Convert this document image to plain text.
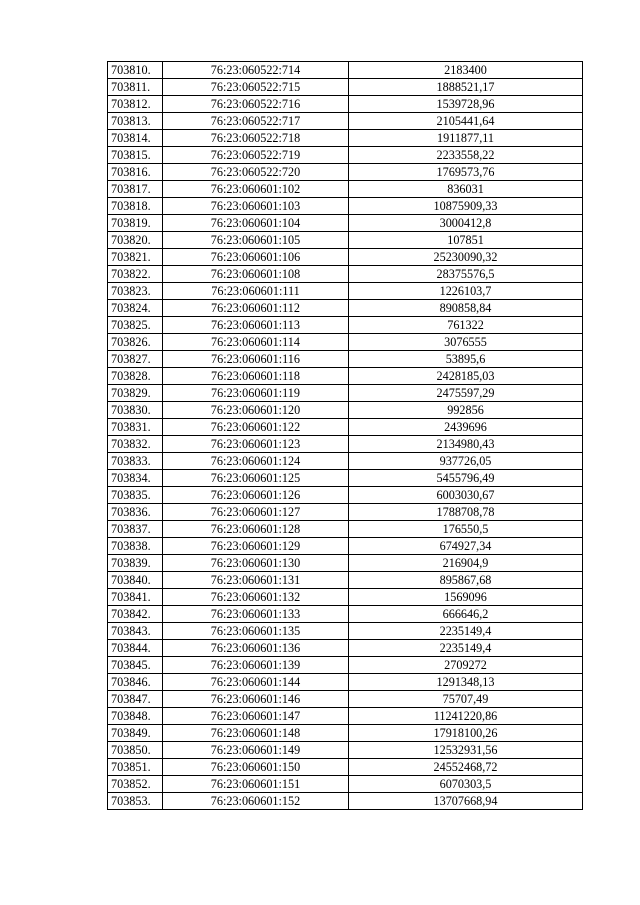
703810.	76:23:060522:714	2183400
703811.	76:23:060522:715	1888521,17
703812.	76:23:060522:716	1539728,96
703813.	76:23:060522:717	2105441,64
703814.	76:23:060522:718	1911877,11
703815.	76:23:060522:719	2233558,22
703816.	76:23:060522:720	1769573,76
703817.	76:23:060601:102	836031
703818.	76:23:060601:103	10875909,33
703819.	76:23:060601:104	3000412,8
703820.	76:23:060601:105	107851
703821.	76:23:060601:106	25230090,32
703822.	76:23:060601:108	28375576,5
703823.	76:23:060601:111	1226103,7
703824.	76:23:060601:112	890858,84
703825.	76:23:060601:113	761322
703826.	76:23:060601:114	3076555
703827.	76:23:060601:116	53895,6
703828.	76:23:060601:118	2428185,03
703829.	76:23:060601:119	2475597,29
703830.	76:23:060601:120	992856
703831.	76:23:060601:122	2439696
703832.	76:23:060601:123	2134980,43
703833.	76:23:060601:124	937726,05
703834.	76:23:060601:125	5455796,49
703835.	76:23:060601:126	6003030,67
703836.	76:23:060601:127	1788708,78
703837.	76:23:060601:128	176550,5
703838.	76:23:060601:129	674927,34
703839.	76:23:060601:130	216904,9
703840.	76:23:060601:131	895867,68
703841.	76:23:060601:132	1569096
703842.	76:23:060601:133	666646,2
703843.	76:23:060601:135	2235149,4
703844.	76:23:060601:136	2235149,4
703845.	76:23:060601:139	2709272
703846.	76:23:060601:144	1291348,13
703847.	76:23:060601:146	75707,49
703848.	76:23:060601:147	11241220,86
703849.	76:23:060601:148	17918100,26
703850.	76:23:060601:149	12532931,56
703851.	76:23:060601:150	24552468,72
703852.	76:23:060601:151	6070303,5
703853.	76:23:060601:152	13707668,94
